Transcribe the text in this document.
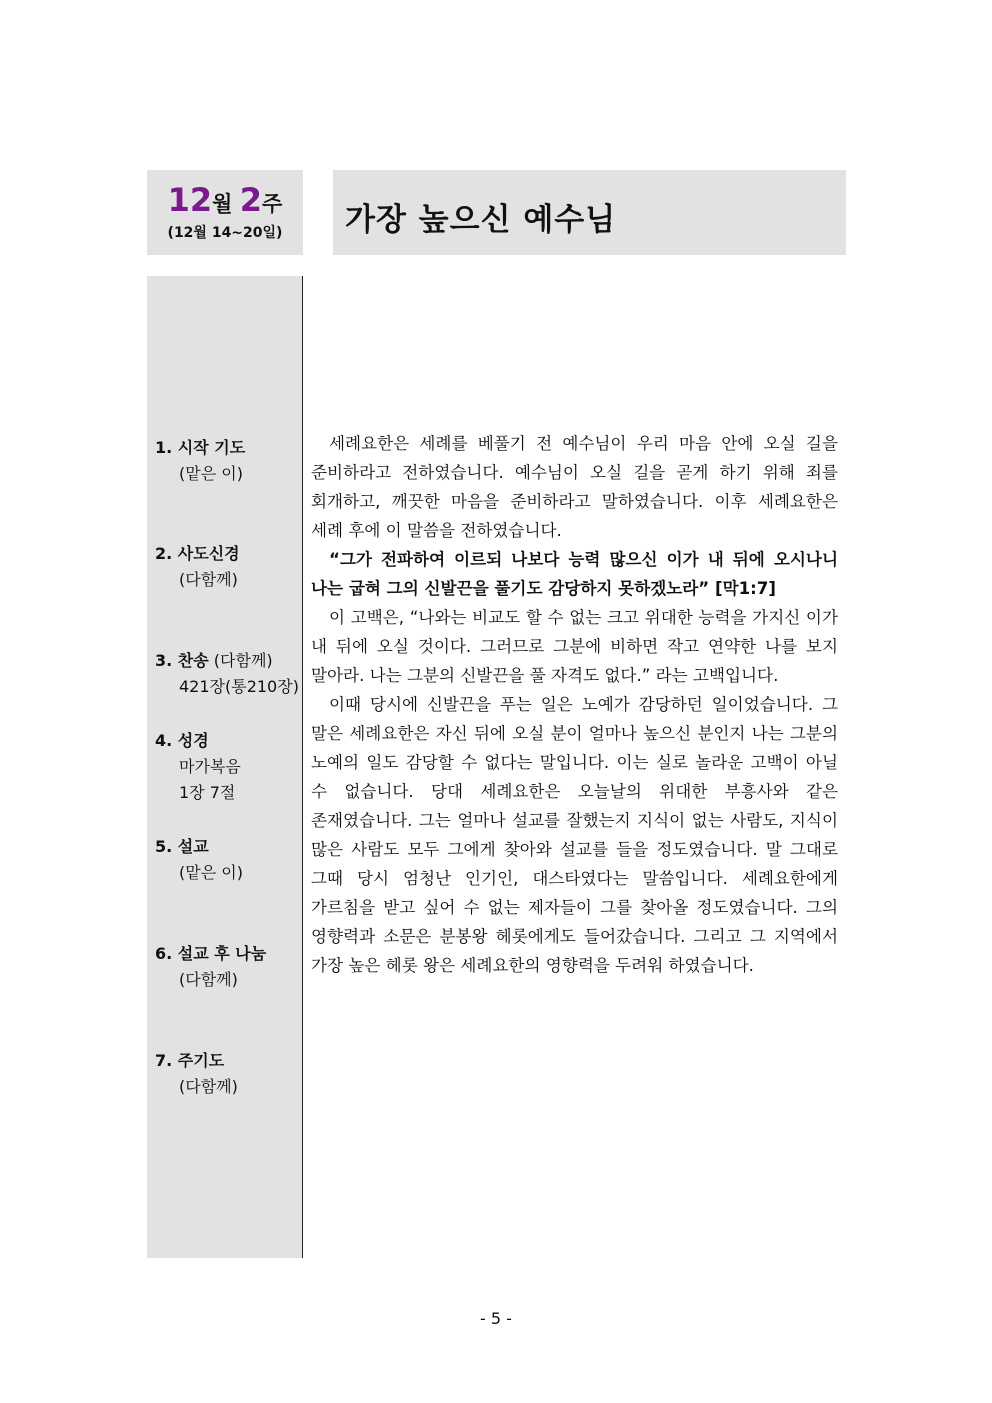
12월 2주
(12월 14~20일)	가장 높으신 예수님
1. 시작 기도
(맡은 이)
2. 사도신경
(다함께)
3. 찬송 (다함께)
421장(통210장)
4. 성경
마가복음
1장 7절
5. 설교
(맡은 이)
6. 설교 후 나눔
(다함께)
7. 주기도
(다함께)

세례요한은 세례를 베풀기 전 예수님이 우리 마음 안에 오실 길을 준비하라고 전하였습니다. 예수님이 오실 길을 곧게 하기 위해 죄를 회개하고, 깨끗한 마음을 준비하라고 말하였습니다. 이후 세례요한은 세례 후에 이 말씀을 전하였습니다.

“그가 전파하여 이르되 나보다 능력 많으신 이가 내 뒤에 오시나니 나는 굽혀 그의 신발끈을 풀기도 감당하지 못하겠노라” [막1:7]

이 고백은, “나와는 비교도 할 수 없는 크고 위대한 능력을 가지신 이가 내 뒤에 오실 것이다. 그러므로 그분에 비하면 작고 연약한 나를 보지 말아라. 나는 그분의 신발끈을 풀 자격도 없다.” 라는 고백입니다.

이때 당시에 신발끈을 푸는 일은 노예가 감당하던 일이었습니다. 그 말은 세례요한은 자신 뒤에 오실 분이 얼마나 높으신 분인지 나는 그분의 노예의 일도 감당할 수 없다는 말입니다. 이는 실로 놀라운 고백이 아닐 수 없습니다. 당대 세례요한은 오늘날의 위대한 부흥사와 같은 존재였습니다. 그는 얼마나 설교를 잘했는지 지식이 없는 사람도, 지식이 많은 사람도 모두 그에게 찾아와 설교를 들을 정도였습니다. 말 그대로 그때 당시 엄청난 인기인, 대스타였다는 말씀입니다. 세례요한에게 가르침을 받고 싶어 수 없는 제자들이 그를 찾아올 정도였습니다. 그의 영향력과 소문은 분봉왕 헤롯에게도 들어갔습니다. 그리고 그 지역에서 가장 높은 헤롯 왕은 세례요한의 영향력을 두려워 하였습니다.

- 5 -
